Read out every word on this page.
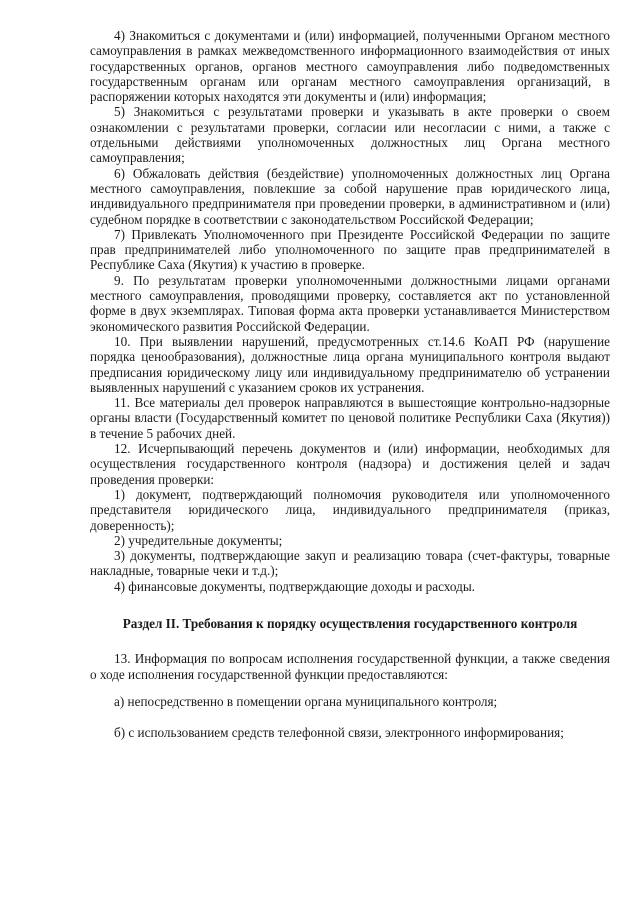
4) Знакомиться с документами и (или) информацией, полученными Органом местного самоуправления в рамках межведомственного информационного взаимодействия от иных государственных органов, органов местного самоуправления либо подведомственных государственным органам или органам местного самоуправления организаций, в распоряжении которых находятся эти документы и (или) информация;

5) Знакомиться с результатами проверки и указывать в акте проверки о своем ознакомлении с результатами проверки, согласии или несогласии с ними, а также с отдельными действиями уполномоченных должностных лиц Органа местного самоуправления;

6) Обжаловать действия (бездействие) уполномоченных должностных лиц Органа местного самоуправления, повлекшие за собой нарушение прав юридического лица, индивидуального предпринимателя при проведении проверки, в административном и (или) судебном порядке в соответствии с законодательством Российской Федерации;

7) Привлекать Уполномоченного при Президенте Российской Федерации по защите прав предпринимателей либо уполномоченного по защите прав предпринимателей в Республике Саха (Якутия) к участию в проверке.

9. По результатам проверки уполномоченными должностными лицами органами местного самоуправления, проводящими проверку, составляется акт по установленной форме в двух экземплярах. Типовая форма акта проверки устанавливается Министерством экономического развития Российской Федерации.

10. При выявлении нарушений, предусмотренных ст.14.6 КоАП РФ (нарушение порядка ценообразования), должностные лица органа муниципального контроля выдают предписания юридическому лицу или индивидуальному предпринимателю об устранении выявленных нарушений с указанием сроков их устранения.

11. Все материалы дел проверок направляются в вышестоящие контрольно-надзорные органы власти (Государственный комитет по ценовой политике Республики Саха (Якутия)) в течение 5 рабочих дней.

12. Исчерпывающий перечень документов и (или) информации, необходимых для осуществления государственного контроля (надзора) и достижения целей и задач проведения проверки:

1) документ, подтверждающий полномочия руководителя или уполномоченного представителя юридического лица, индивидуального предпринимателя (приказ, доверенность);

2) учредительные документы;

3) документы, подтверждающие закуп и реализацию товара (счет-фактуры, товарные накладные, товарные чеки и т.д.);

4) финансовые документы, подтверждающие доходы и расходы.

Раздел II. Требования к порядку осуществления государственного контроля

13. Информация по вопросам исполнения государственной функции, а также сведения о ходе исполнения государственной функции предоставляются:

а) непосредственно в помещении органа муниципального контроля;

б) с использованием средств телефонной связи, электронного информирования;
